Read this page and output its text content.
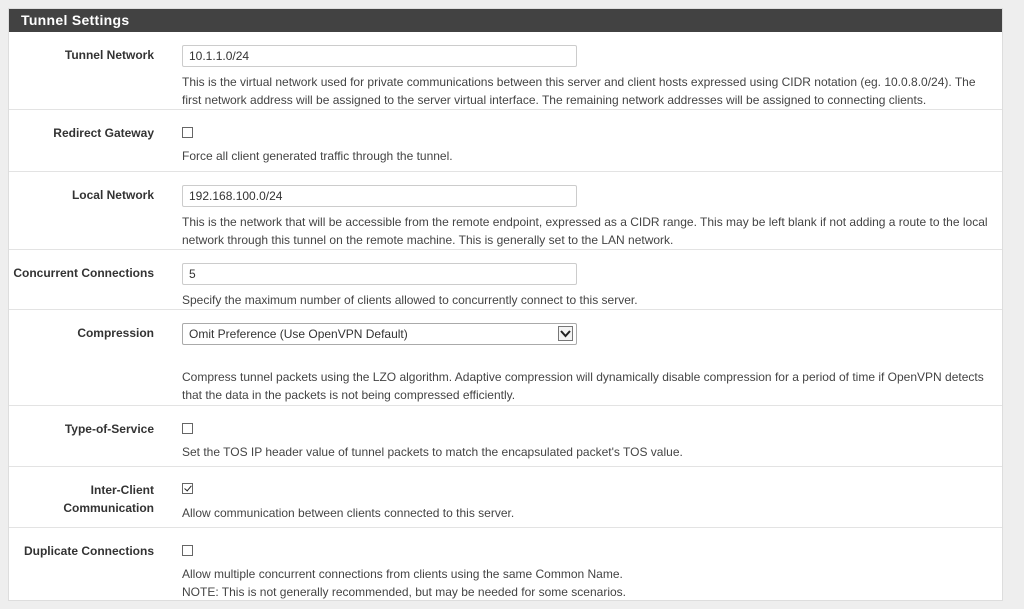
Tunnel Settings
Tunnel Network
10.1.1.0/24
This is the virtual network used for private communications between this server and client hosts expressed using CIDR notation (eg. 10.0.8.0/24). The first network address will be assigned to the server virtual interface. The remaining network addresses will be assigned to connecting clients.
Redirect Gateway
Force all client generated traffic through the tunnel.
Local Network
192.168.100.0/24
This is the network that will be accessible from the remote endpoint, expressed as a CIDR range. This may be left blank if not adding a route to the local network through this tunnel on the remote machine. This is generally set to the LAN network.
Concurrent Connections
5
Specify the maximum number of clients allowed to concurrently connect to this server.
Compression	Omit Preference (Use OpenVPN Default)
Compress tunnel packets using the LZO algorithm. Adaptive compression will dynamically disable compression for a period of time if OpenVPN detects that the data in the packets is not being compressed efficiently.
Type-of-Service
Set the TOS IP header value of tunnel packets to match the encapsulated packet's TOS value.
Inter-Client
Communication Allow communication between clients connected to this server.
Duplicate Connections
Allow multiple concurrent connections from clients using the same Common Name.
NOTE: This is not generally recommended, but may be needed for some scenarios.
